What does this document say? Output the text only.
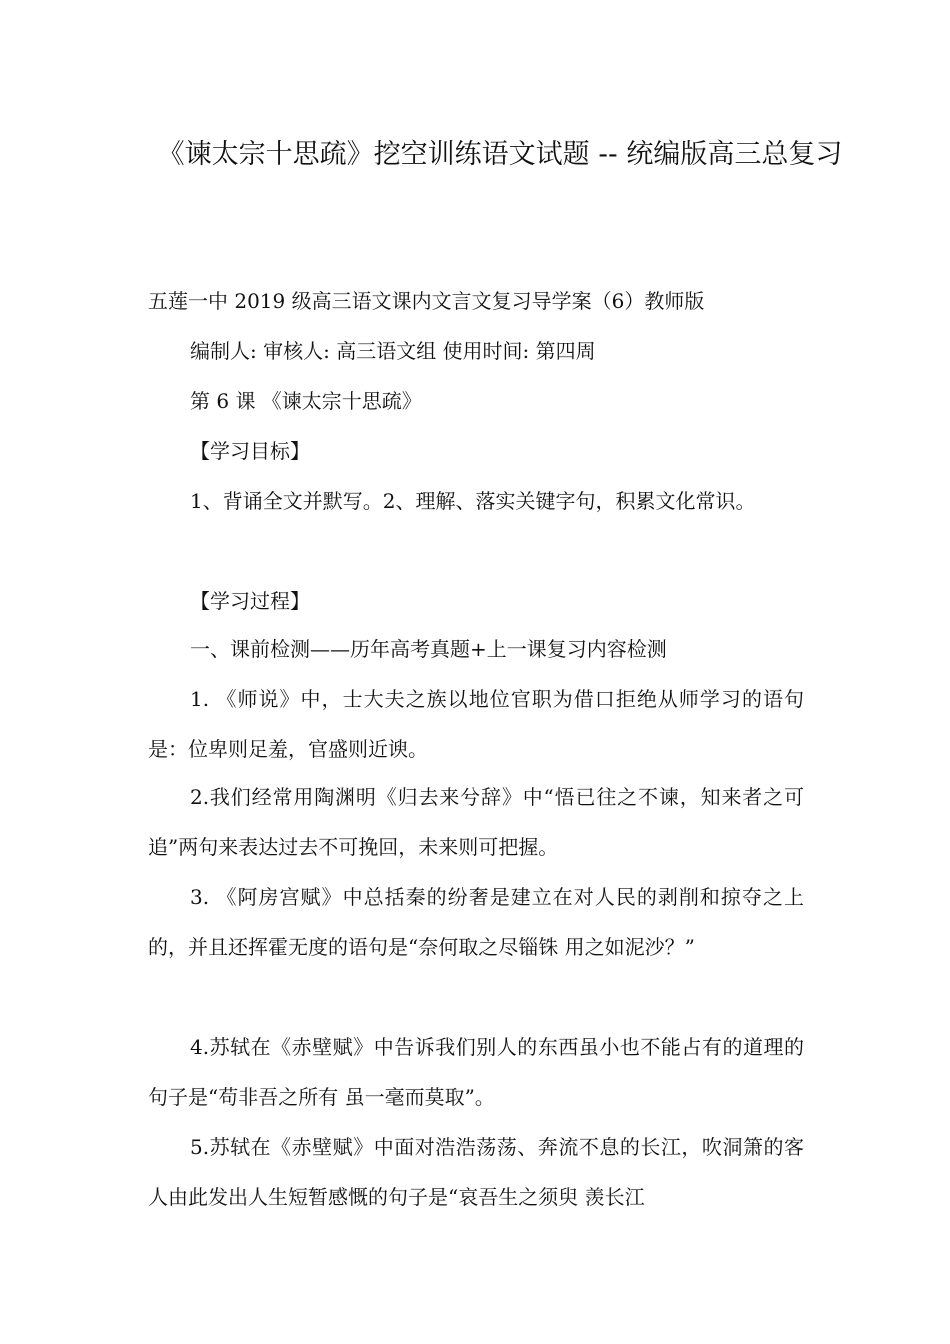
《谏太宗十思疏》挖空训练语文试题 -- 统编版高三总复习
五莲一中 2019 级高三语文课内文言文复习导学案（6）教师版
编制人: 审核人: 高三语文组 使用时间: 第四周
第 6 课 《谏太宗十思疏》
【学习目标】
1、背诵全文并默写。2、理解、落实关键字句，积累文化常识。
【学习过程】
一、课前检测——历年高考真题+上一课复习内容检测
1. 《师说》中，士大夫之族以地位官职为借口拒绝从师学习的语句是：位卑则足羞，官盛则近谀。
2.我们经常用陶渊明《归去来兮辞》中“悟已往之不谏，知来者之可追”两句来表达过去不可挽回，未来则可把握。
3. 《阿房宫赋》中总括秦的纷奢是建立在对人民的剥削和掠夺之上的，并且还挥霍无度的语句是“奈何取之尽锱铢 用之如泥沙？”
4.苏轼在《赤壁赋》中告诉我们别人的东西虽小也不能占有的道理的句子是“苟非吾之所有 虽一毫而莫取”。
5.苏轼在《赤壁赋》中面对浩浩荡荡、奔流不息的长江，吹洞箫的客人由此发出人生短暂感慨的句子是“哀吾生之须臾 羡长江
